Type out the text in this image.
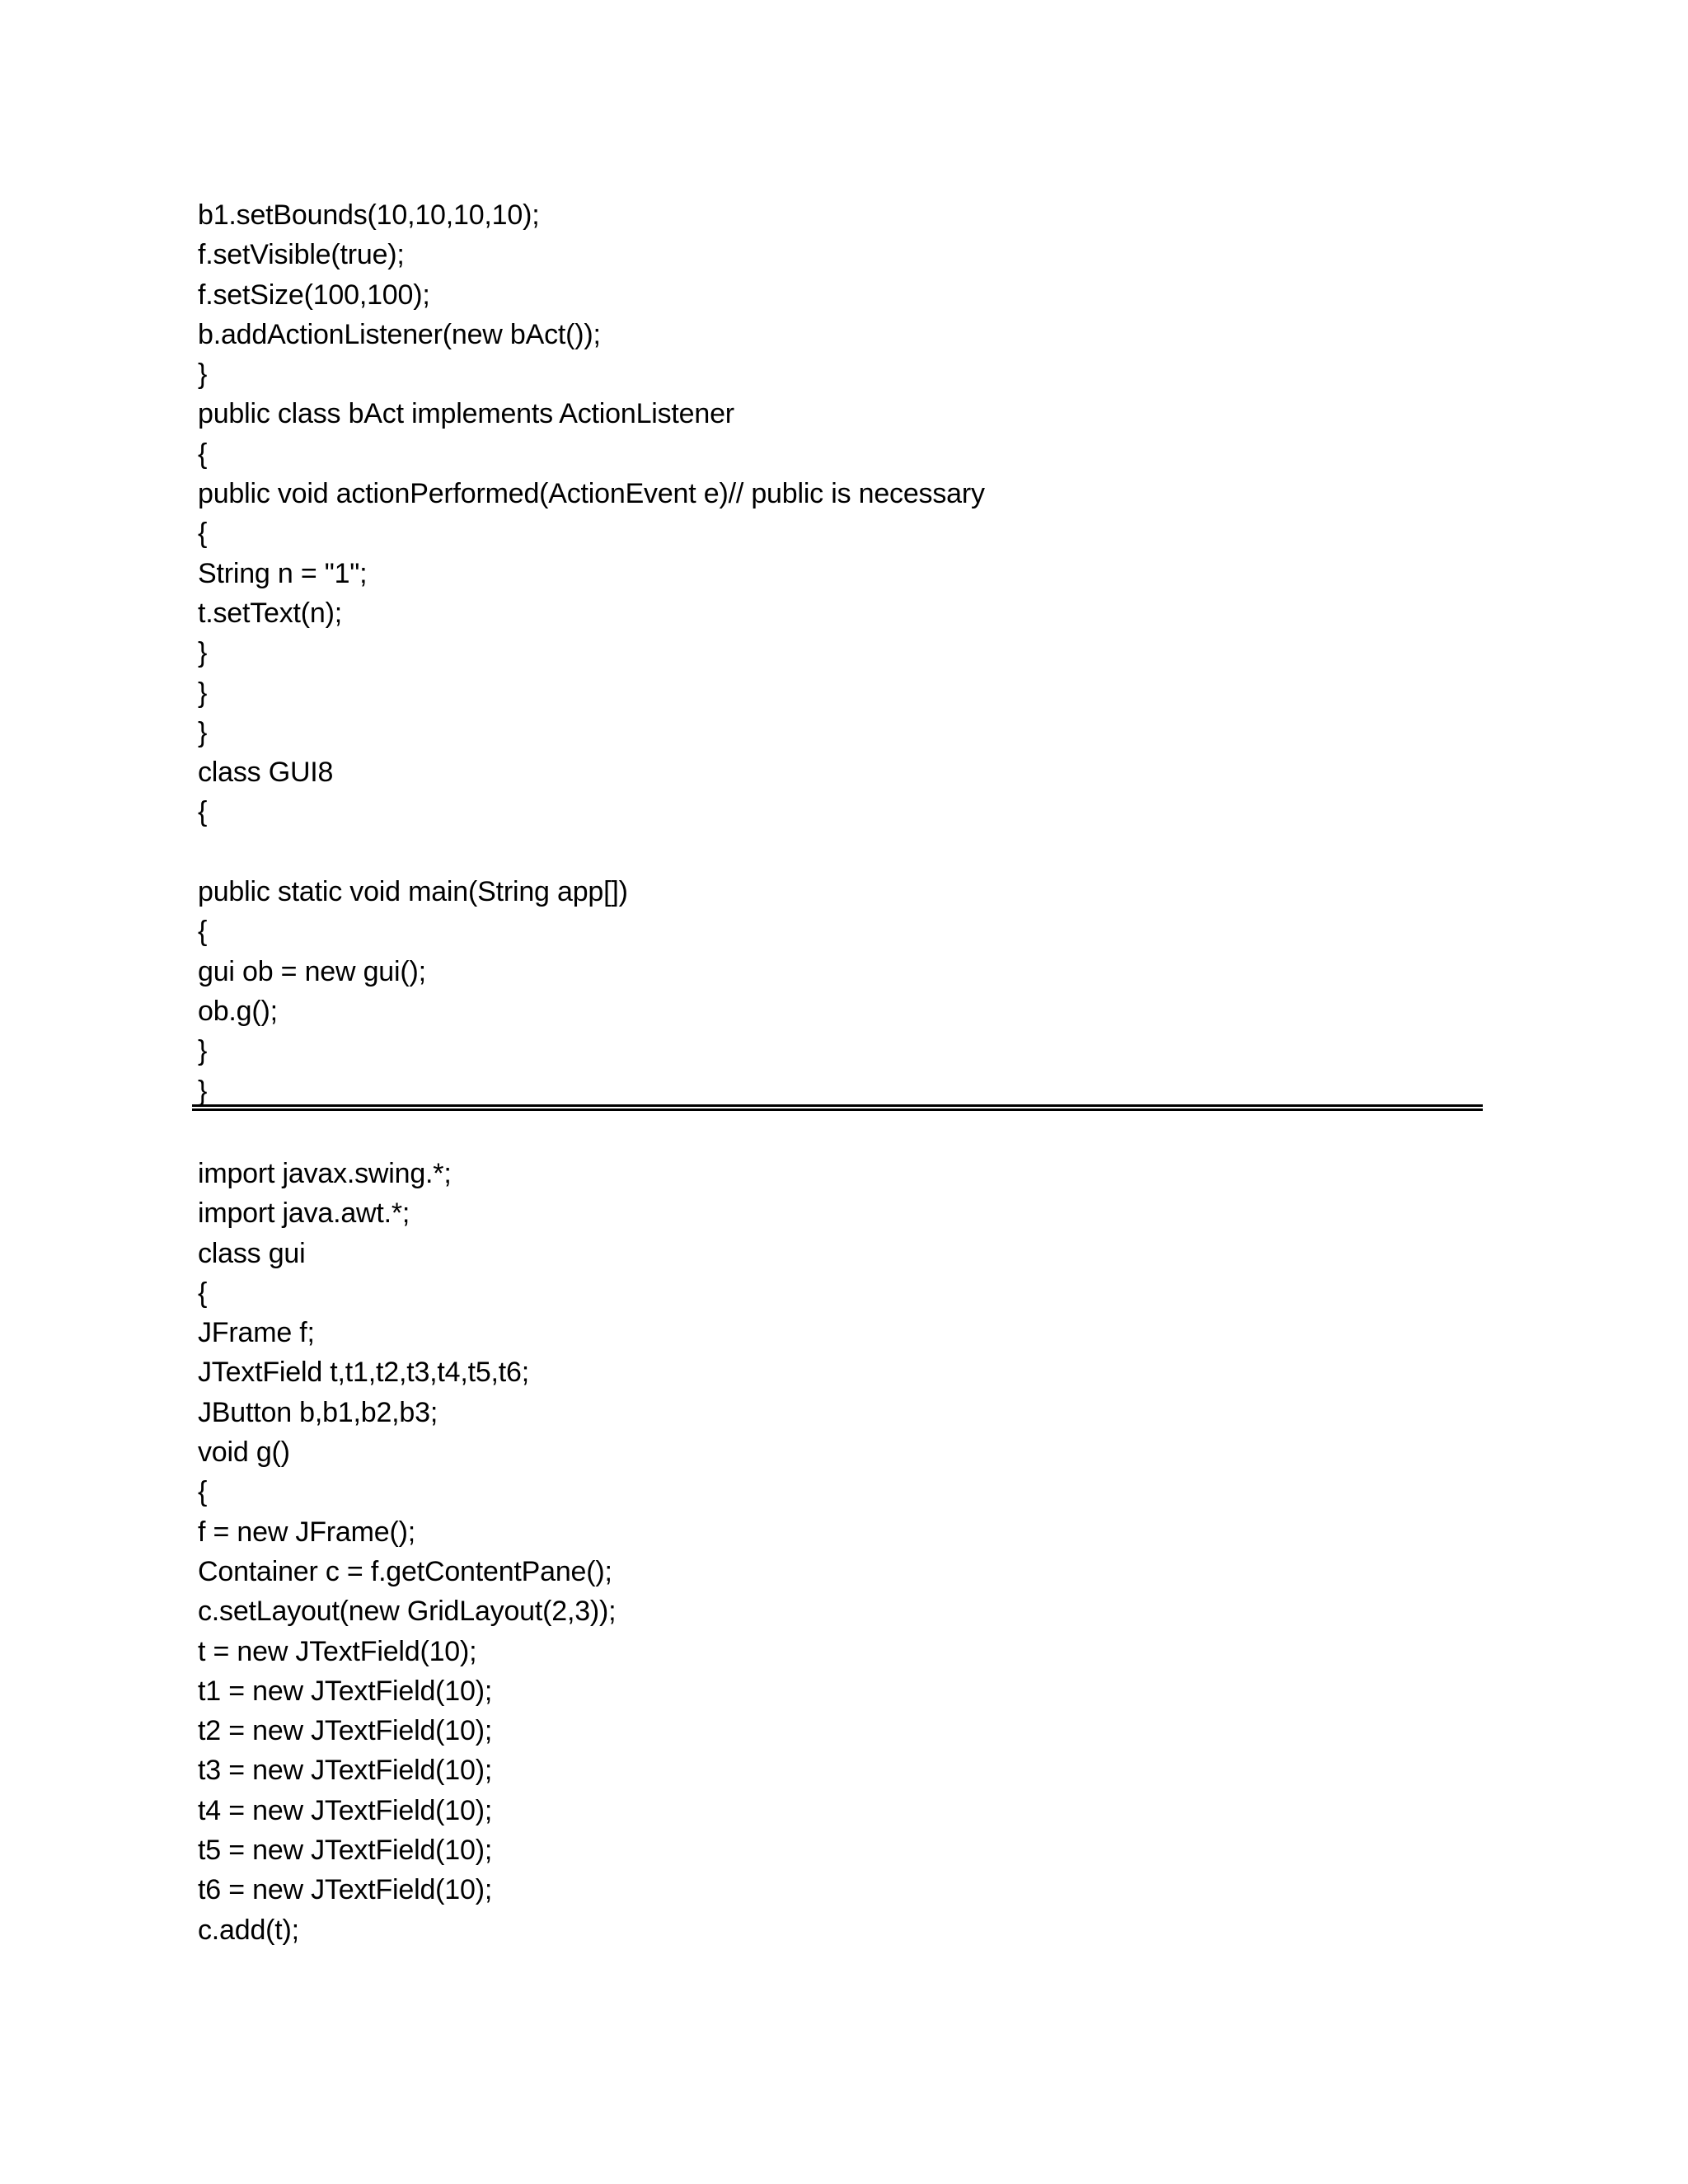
b1.setBounds(10,10,10,10);
f.setVisible(true);
f.setSize(100,100);
b.addActionListener(new bAct());
}
public class bAct implements ActionListener
{
public void actionPerformed(ActionEvent e)// public is necessary
{
String n = "1";
t.setText(n);
}
}
}
class GUI8
{
public static void main(String app[])
{
gui ob = new gui();
ob.g();
}
}
import javax.swing.*;
import java.awt.*;
class gui
{
JFrame f;
JTextField t,t1,t2,t3,t4,t5,t6;
JButton b,b1,b2,b3;
void g()
{
f = new JFrame();
Container c = f.getContentPane();
c.setLayout(new GridLayout(2,3));
t = new JTextField(10);
t1 = new JTextField(10);
t2 = new JTextField(10);
t3 = new JTextField(10);
t4 = new JTextField(10);
t5 = new JTextField(10);
t6 = new JTextField(10);
c.add(t);
